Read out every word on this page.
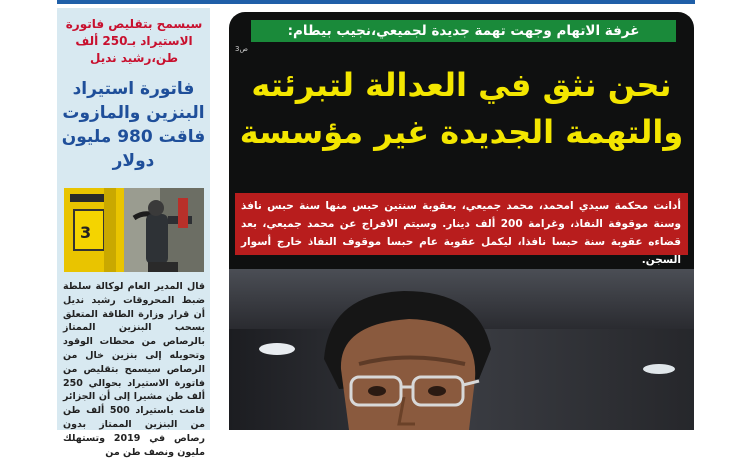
سيسمح بتقليص فاتورة الاستيراد بـ250 ألف طن،رشيد نديل
فاتورة استيراد البنزين والمازوت فاقت 980 مليون دولار
3
قال المدير العام لوكالة سلطة ضبط المحروقات رشيد نديل أن قرار وزارة الطاقة المتعلق بسحب البنزين الممتاز بالرصاص من محطات الوقود وتحويله إلى بنزين خال من الرصاص سيسمح بتقليص من فاتورة الاستيراد بحوالي 250 ألف طن مشيرا إلى أن الجزائر قامت باستيراد 500 ألف طن من البنزين الممتاز بدون رصاص في 2019 وتستهلك مليون ونصف طن من
غرفة الاتهام وجهت تهمة جديدة لجميعي،نجيب بيطام:
ص3
نحن نثق في العدالة لتبرئته
والتهمة الجديدة غير مؤسسة
أدانت محكمة سيدي امحمد، محمد جميعي، بعقوبة سنتين حبس منها سنة حبس نافذ وسنة موقوفة النفاذ، وغرامة 200 ألف دينار. وسيتم الافراج عن محمد جميعي، بعد قضاءه عقوبة سنة حبسا نافذا، ليكمل عقوبة عام حبسا موقوف النفاذ خارج أسوار السجن.
